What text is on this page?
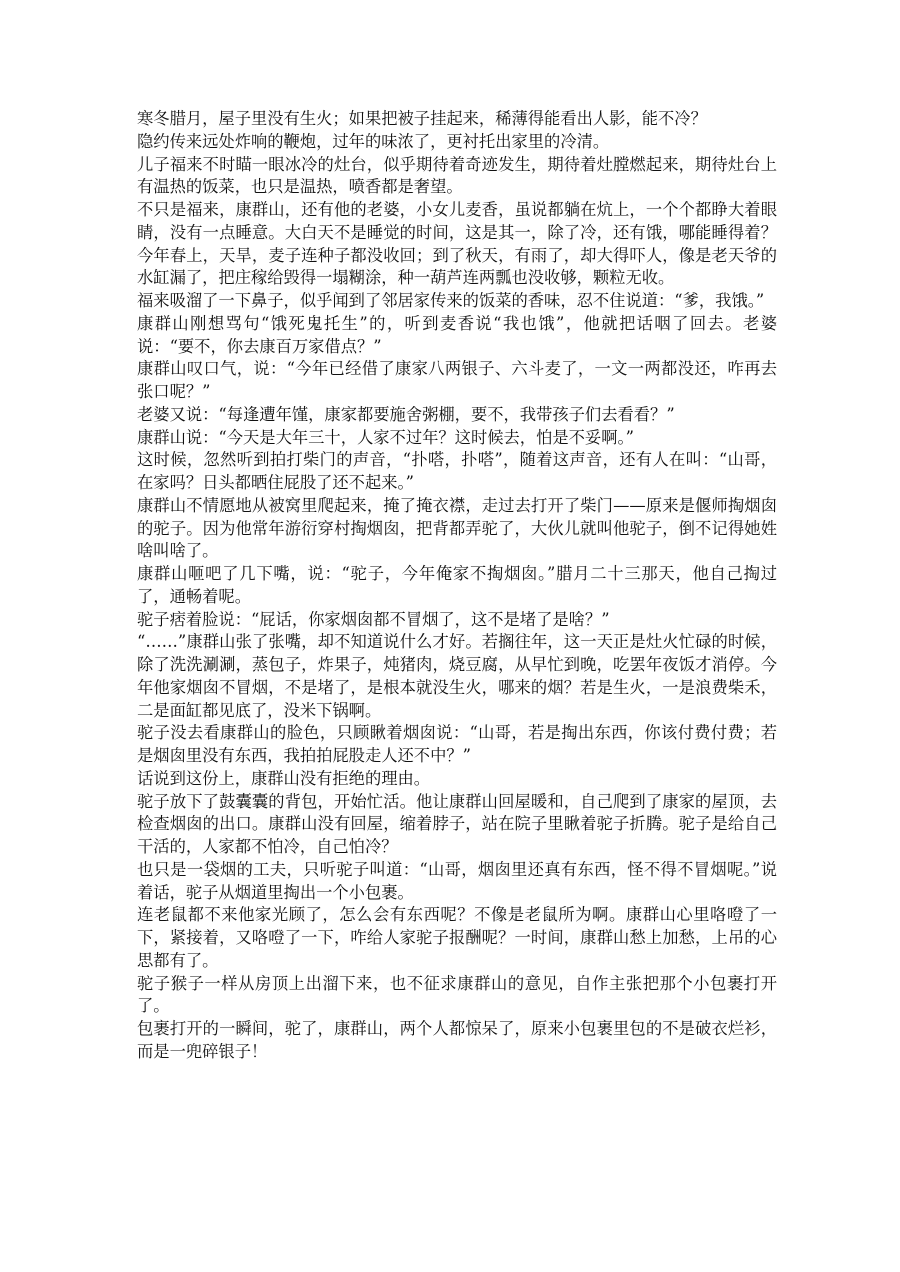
寒冬腊月，屋子里没有生火；如果把被子挂起来，稀薄得能看出人影，能不冷？

隐约传来远处炸响的鞭炮，过年的味浓了，更衬托出家里的冷清。

儿子福来不时瞄一眼冰冷的灶台，似乎期待着奇迹发生，期待着灶膛燃起来，期待灶台上有温热的饭菜，也只是温热，喷香都是奢望。

不只是福来，康群山，还有他的老婆，小女儿麦香，虽说都躺在炕上，一个个都睁大着眼睛，没有一点睡意。大白天不是睡觉的时间，这是其一，除了冷，还有饿，哪能睡得着？今年春上，天旱，麦子连种子都没收回；到了秋天，有雨了，却大得吓人，像是老天爷的水缸漏了，把庄稼给毁得一塌糊涂，种一葫芦连两瓢也没收够，颗粒无收。

福来吸溜了一下鼻子，似乎闻到了邻居家传来的饭菜的香味，忍不住说道：“爹，我饿。”

康群山刚想骂句“饿死鬼托生”的，听到麦香说“我也饿”，他就把话咽了回去。老婆说：“要不，你去康百万家借点？”

康群山叹口气，说：“今年已经借了康家八两银子、六斗麦了，一文一两都没还，咋再去张口呢？”

老婆又说：“每逢遭年馑，康家都要施舍粥棚，要不，我带孩子们去看看？”

康群山说：“今天是大年三十，人家不过年？这时候去，怕是不妥啊。”

这时候，忽然听到拍打柴门的声音，“扑嗒，扑嗒”，随着这声音，还有人在叫：“山哥，在家吗？日头都晒住屁股了还不起来。”

康群山不情愿地从被窝里爬起来，掩了掩衣襟，走过去打开了柴门——原来是偃师掏烟囱的驼子。因为他常年游衍穿村掏烟囱，把背都弄驼了，大伙儿就叫他驼子，倒不记得她姓啥叫啥了。

康群山咂吧了几下嘴，说：“驼子，今年俺家不掏烟囱。”腊月二十三那天，他自己掏过了，通畅着呢。

驼子痞着脸说：“屁话，你家烟囱都不冒烟了，这不是堵了是啥？”

“……”康群山张了张嘴，却不知道说什么才好。若搁往年，这一天正是灶火忙碌的时候，除了洗洗涮涮，蒸包子，炸果子，炖猪肉，烧豆腐，从早忙到晚，吃罢年夜饭才消停。今年他家烟囱不冒烟，不是堵了，是根本就没生火，哪来的烟？若是生火，一是浪费柴禾，二是面缸都见底了，没米下锅啊。

驼子没去看康群山的脸色，只顾瞅着烟囱说：“山哥，若是掏出东西，你该付费付费；若是烟囱里没有东西，我拍拍屁股走人还不中？”

话说到这份上，康群山没有拒绝的理由。

驼子放下了鼓囊囊的背包，开始忙活。他让康群山回屋暖和，自己爬到了康家的屋顶，去检查烟囱的出口。康群山没有回屋，缩着脖子，站在院子里瞅着驼子折腾。驼子是给自己干活的，人家都不怕冷，自己怕冷？

也只是一袋烟的工夫，只听驼子叫道：“山哥，烟囱里还真有东西，怪不得不冒烟呢。”说着话，驼子从烟道里掏出一个小包裹。

连老鼠都不来他家光顾了，怎么会有东西呢？不像是老鼠所为啊。康群山心里咯噔了一下，紧接着，又咯噔了一下，咋给人家驼子报酬呢？一时间，康群山愁上加愁，上吊的心思都有了。

驼子猴子一样从房顶上出溜下来，也不征求康群山的意见，自作主张把那个小包裹打开了。

包裹打开的一瞬间，驼了，康群山，两个人都惊呆了，原来小包裹里包的不是破衣烂衫，而是一兜碎银子！
